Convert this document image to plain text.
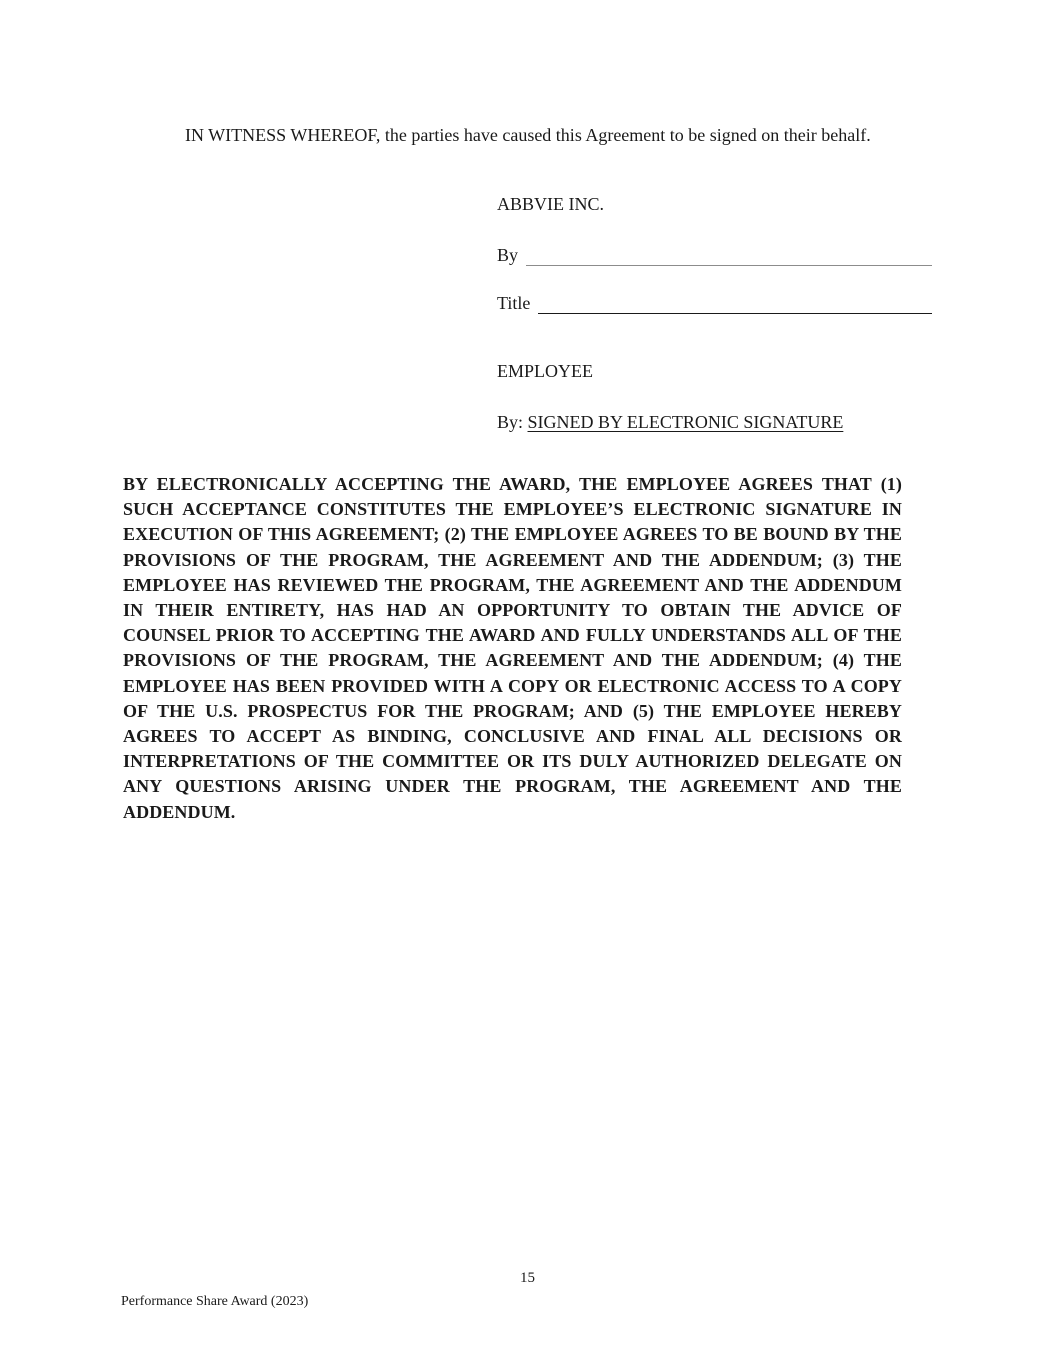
IN WITNESS WHEREOF, the parties have caused this Agreement to be signed on their behalf.
ABBVIE INC.
By
Title
EMPLOYEE
By: SIGNED BY ELECTRONIC SIGNATURE
BY ELECTRONICALLY ACCEPTING THE AWARD, THE EMPLOYEE AGREES THAT (1) SUCH ACCEPTANCE CONSTITUTES THE EMPLOYEE’S ELECTRONIC SIGNATURE IN EXECUTION OF THIS AGREEMENT; (2) THE EMPLOYEE AGREES TO BE BOUND BY THE PROVISIONS OF THE PROGRAM, THE AGREEMENT AND THE ADDENDUM; (3) THE EMPLOYEE HAS REVIEWED THE PROGRAM, THE AGREEMENT AND THE ADDENDUM IN THEIR ENTIRETY, HAS HAD AN OPPORTUNITY TO OBTAIN THE ADVICE OF COUNSEL PRIOR TO ACCEPTING THE AWARD AND FULLY UNDERSTANDS ALL OF THE PROVISIONS OF THE PROGRAM, THE AGREEMENT AND THE ADDENDUM; (4) THE EMPLOYEE HAS BEEN PROVIDED WITH A COPY OR ELECTRONIC ACCESS TO A COPY OF THE U.S. PROSPECTUS FOR THE PROGRAM; AND (5) THE EMPLOYEE HEREBY AGREES TO ACCEPT AS BINDING, CONCLUSIVE AND FINAL ALL DECISIONS OR INTERPRETATIONS OF THE COMMITTEE OR ITS DULY AUTHORIZED DELEGATE ON ANY QUESTIONS ARISING UNDER THE PROGRAM, THE AGREEMENT AND THE ADDENDUM.
15
Performance Share Award (2023)
